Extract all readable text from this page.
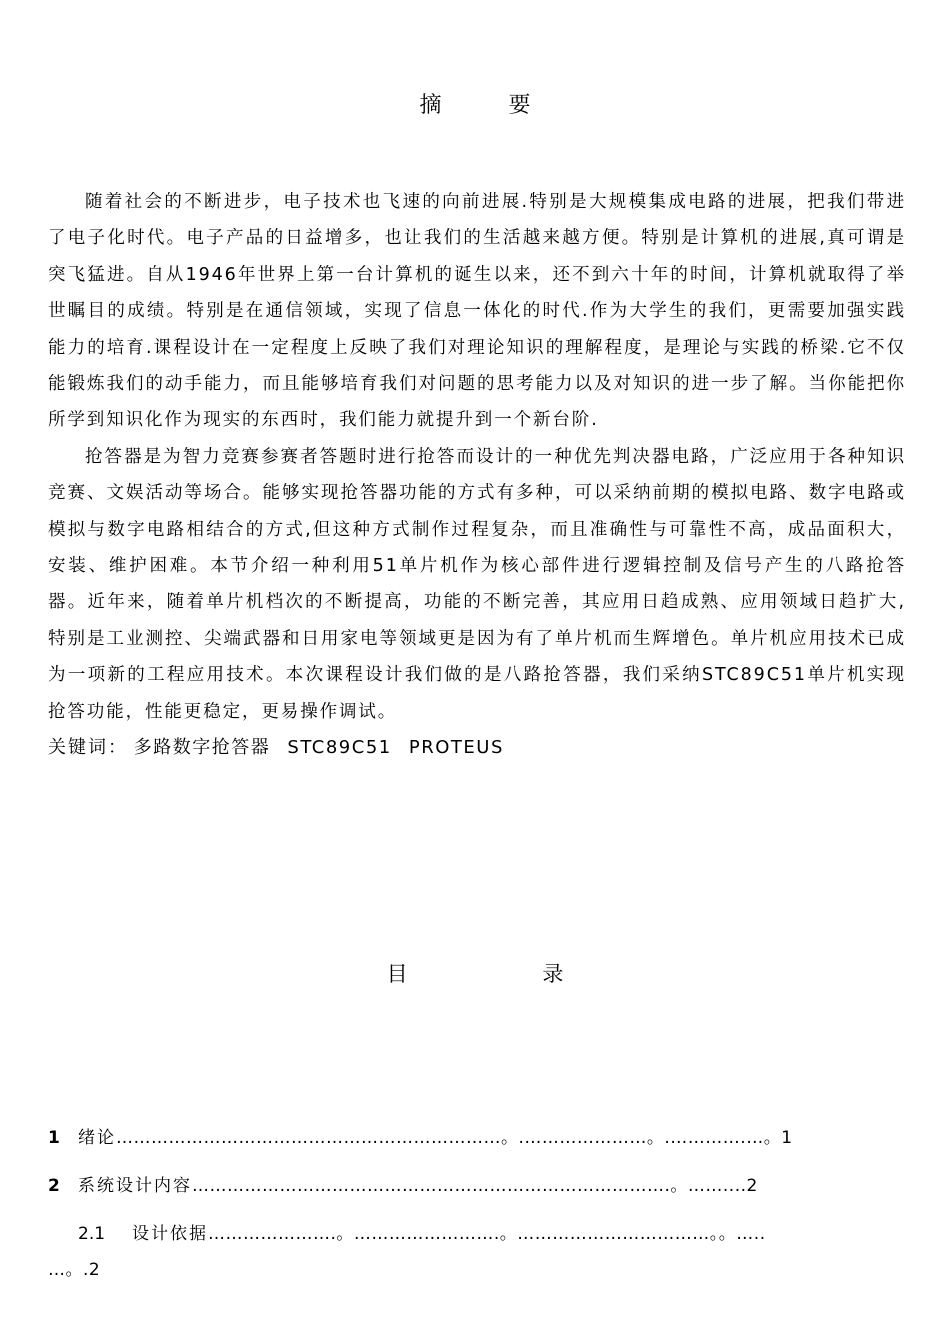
摘 要

随着社会的不断进步，电子技术也飞速的向前进展.特别是大规模集成电路的进展，把我们带进了电子化时代。电子产品的日益增多，也让我们的生活越来越方便。特别是计算机的进展,真可谓是突飞猛进。自从1946年世界上第一台计算机的诞生以来，还不到六十年的时间，计算机就取得了举世瞩目的成绩。特别是在通信领域，实现了信息一体化的时代.作为大学生的我们，更需要加强实践能力的培育.课程设计在一定程度上反映了我们对理论知识的理解程度，是理论与实践的桥梁.它不仅能锻炼我们的动手能力，而且能够培育我们对问题的思考能力以及对知识的进一步了解。当你能把你所学到知识化作为现实的东西时，我们能力就提升到一个新台阶.

抢答器是为智力竞赛参赛者答题时进行抢答而设计的一种优先判决器电路，广泛应用于各种知识竞赛、文娱活动等场合。能够实现抢答器功能的方式有多种，可以采纳前期的模拟电路、数字电路或模拟与数字电路相结合的方式,但这种方式制作过程复杂，而且准确性与可靠性不高，成品面积大，安装、维护困难。本节介绍一种利用51单片机作为核心部件进行逻辑控制及信号产生的八路抢答器。近年来，随着单片机档次的不断提高，功能的不断完善，其应用日趋成熟、应用领域日趋扩大,特别是工业测控、尖端武器和日用家电等领域更是因为有了单片机而生辉增色。单片机应用技术已成为一项新的工程应用技术。本次课程设计我们做的是八路抢答器，我们采纳STC89C51单片机实现抢答功能，性能更稳定，更易操作调试。

关键词： 多路数字抢答器 STC89C51 PROTEUS

目 录
1 绪论…………………………………………………………。.…………………。.………….…。1
2 系统设计内容……………………………………………………………………….。……....2
2.1 设计依据………………….。…………………….。……………………………。。…..
…。.2
